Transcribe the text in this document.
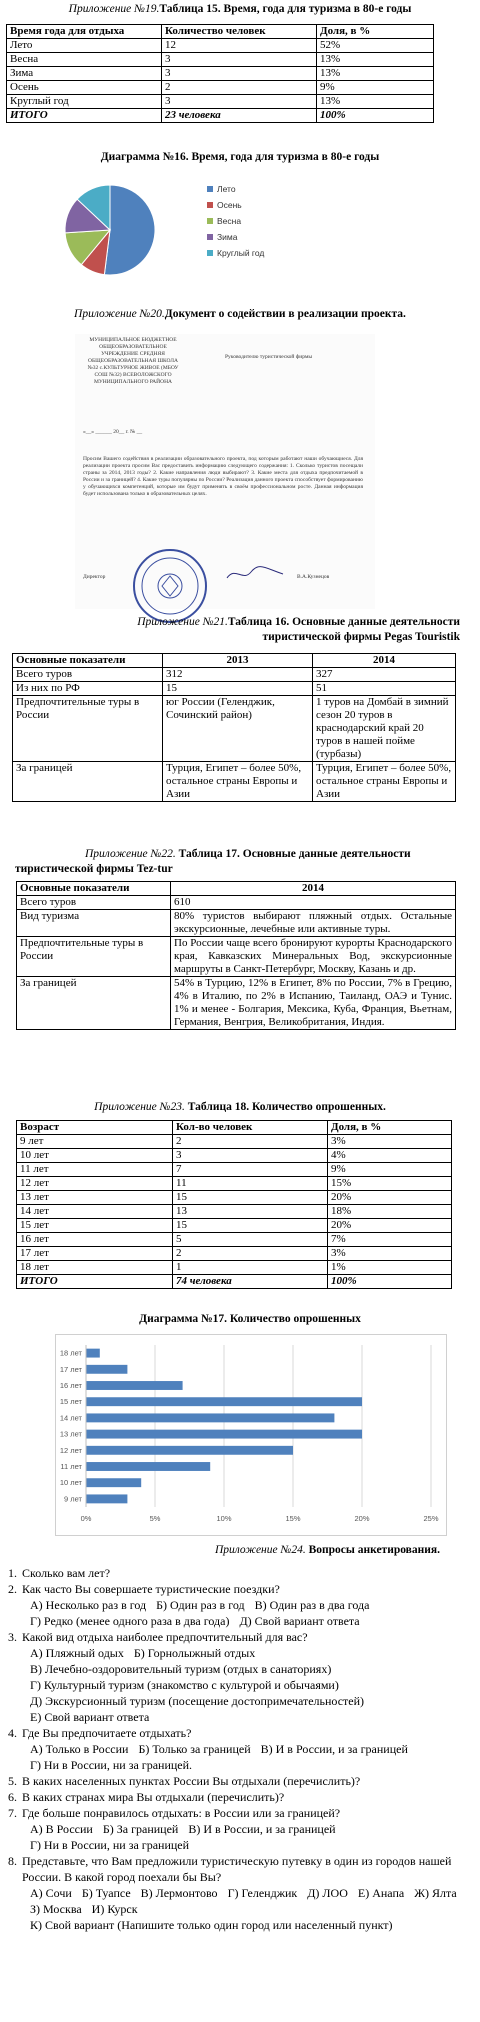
Приложение №19.Таблица 15. Время, года для туризма в 80-е годы

Время года для отдыха	Количество человек	Доля, в %
Лето	12	52%
Весна	3	13%
Зима	3	13%
Осень	2	9%
Круглый год	3	13%
ИТОГО	23 человека	100%
Диаграмма №16. Время, года для туризма в 80-е годы
Лето
Осень
Весна
Зима
Круглый год

Приложение №20.Документ о содействии в реализации проекта.

МУНИЦИПАЛЬНОЕ БЮДЖЕТНОЕ ОБЩЕОБРАЗОВАТЕЛЬНОЕ УЧРЕЖДЕНИЕ СРЕДНЯЯ ОБЩЕОБРАЗОВАТЕЛЬНАЯ ШКОЛА №32 с.КУЛЬТУРНОЕ ЖИВОЕ (МБОУ СОШ №32) ВСЕВОЛОЖСКОГО МУНИЦИПАЛЬНОГО РАЙОНА
Руководителю туристической фирмы
«__» ______ 20__ г. № __
Просим Вашего содействия в реализации образовательного проекта, под которым работают наши обучающиеся. Для реализации проекта просим Вас предоставить информацию следующего содержания: 1. Сколько туристов посещали страны за 2014, 2013 годы? 2. Какие направления люди выбирают? 3. Какие места для отдыха предпочитаемой в России и за границей? 4. Какие туры популярны по России? Реализация данного проекта способствует формированию у обучающихся компетенций, которые им будут применять в своём профессиональном росте. Данная информация будет использована только в образовательных целях.
Директор	В.А.Кузнецов

Приложение №21.Таблица 16. Основные данные деятельности

тиристической фирмы Pegas Touristik

Основные показатели	2013	2014
Всего туров	312	327
Из них по РФ	15	51
Предпочтительные туры в России	юг России (Геленджик, Сочинский район)	1 туров на Домбай в зимний сезон 20 туров в краснодарский край 20 туров в нашей пойме (турбазы)
За границей	Турция, Египет – более 50%, остальное страны Европы и Азии	Турция, Египет – более 50%, остальное страны Европы и Азии

Приложение №22. Таблица 17. Основные данные деятельности

тиристической фирмы Tez-tur

Основные показатели	2014
Всего туров	610
Вид туризма	80% туристов выбирают пляжный отдых. Остальные экскурсионные, лечебные или активные туры.
Предпочтительные туры в России	По России чаще всего бронируют курорты Краснодарского края, Кавказских Минеральных Вод, экскурсионные маршруты в Санкт-Петербург, Москву, Казань и др.
За границей	54% в Турцию, 12% в Египет, 8% по России, 7% в Грецию, 4% в Италию, по 2% в Испанию, Таиланд, ОАЭ и Тунис. 1% и менее - Болгария, Мексика, Куба, Франция, Вьетнам, Германия, Венгрия, Великобритания, Индия.

Приложение №23. Таблица 18. Количество опрошенных.

Возраст	Кол-во человек	Доля, в %
9 лет	2	3%
10 лет	3	4%
11 лет	7	9%
12 лет	11	15%
13 лет	15	20%
14 лет	13	18%
15 лет	15	20%
16 лет	5	7%
17 лет	2	3%
18 лет	1	1%
ИТОГО	74 человека	100%
Диаграмма №17. Количество опрошенных
0%	5%	10%	15%	20%	25%
18 лет
17 лет
16 лет
15 лет
14 лет
13 лет
12 лет
11 лет
10 лет
9 лет

Приложение №24. Вопросы анкетирования.

1. Сколько вам лет?
2. Как часто Вы совершаете туристические поездки?
А) Несколько раз в год Б) Один раз в год В) Один раз в два года
Г) Редко (менее одного раза в два года) Д) Свой вариант ответа
3. Какой вид отдыха наиболее предпочтительный для вас?
А) Пляжный одых Б) Горнолыжный отдых
В) Лечебно-оздоровительный туризм (отдых в санаториях)
Г) Культурный туризм (знакомство с культурой и обычаями)
Д) Экскурсионный туризм (посещение достопримечательностей)
Е) Свой вариант ответа
4. Где Вы предпочитаете отдыхать?
А) Только в России Б) Только за границей В) И в России, и за границей
Г) Ни в России, ни за границей.
5. В каких населенных пунктах России Вы отдыхали (перечислить)?
6. В каких странах мира Вы отдыхали (перечислить)?
7. Где больше понравилось отдыхать: в России или за границей?
А) В России Б) За границей В) И в России, и за границей
Г) Ни в России, ни за границей
8. Представьте, что Вам предложили туристическую путевку в один из городов нашей России. В какой город поехали бы Вы?
А) Сочи Б) Туапсе В) Лермонтово Г) Геленджик Д) ЛОО Е) Анапа Ж) Ялта
З) Москва И) Курск
К) Свой вариант (Напишите только один город или населенный пункт)
